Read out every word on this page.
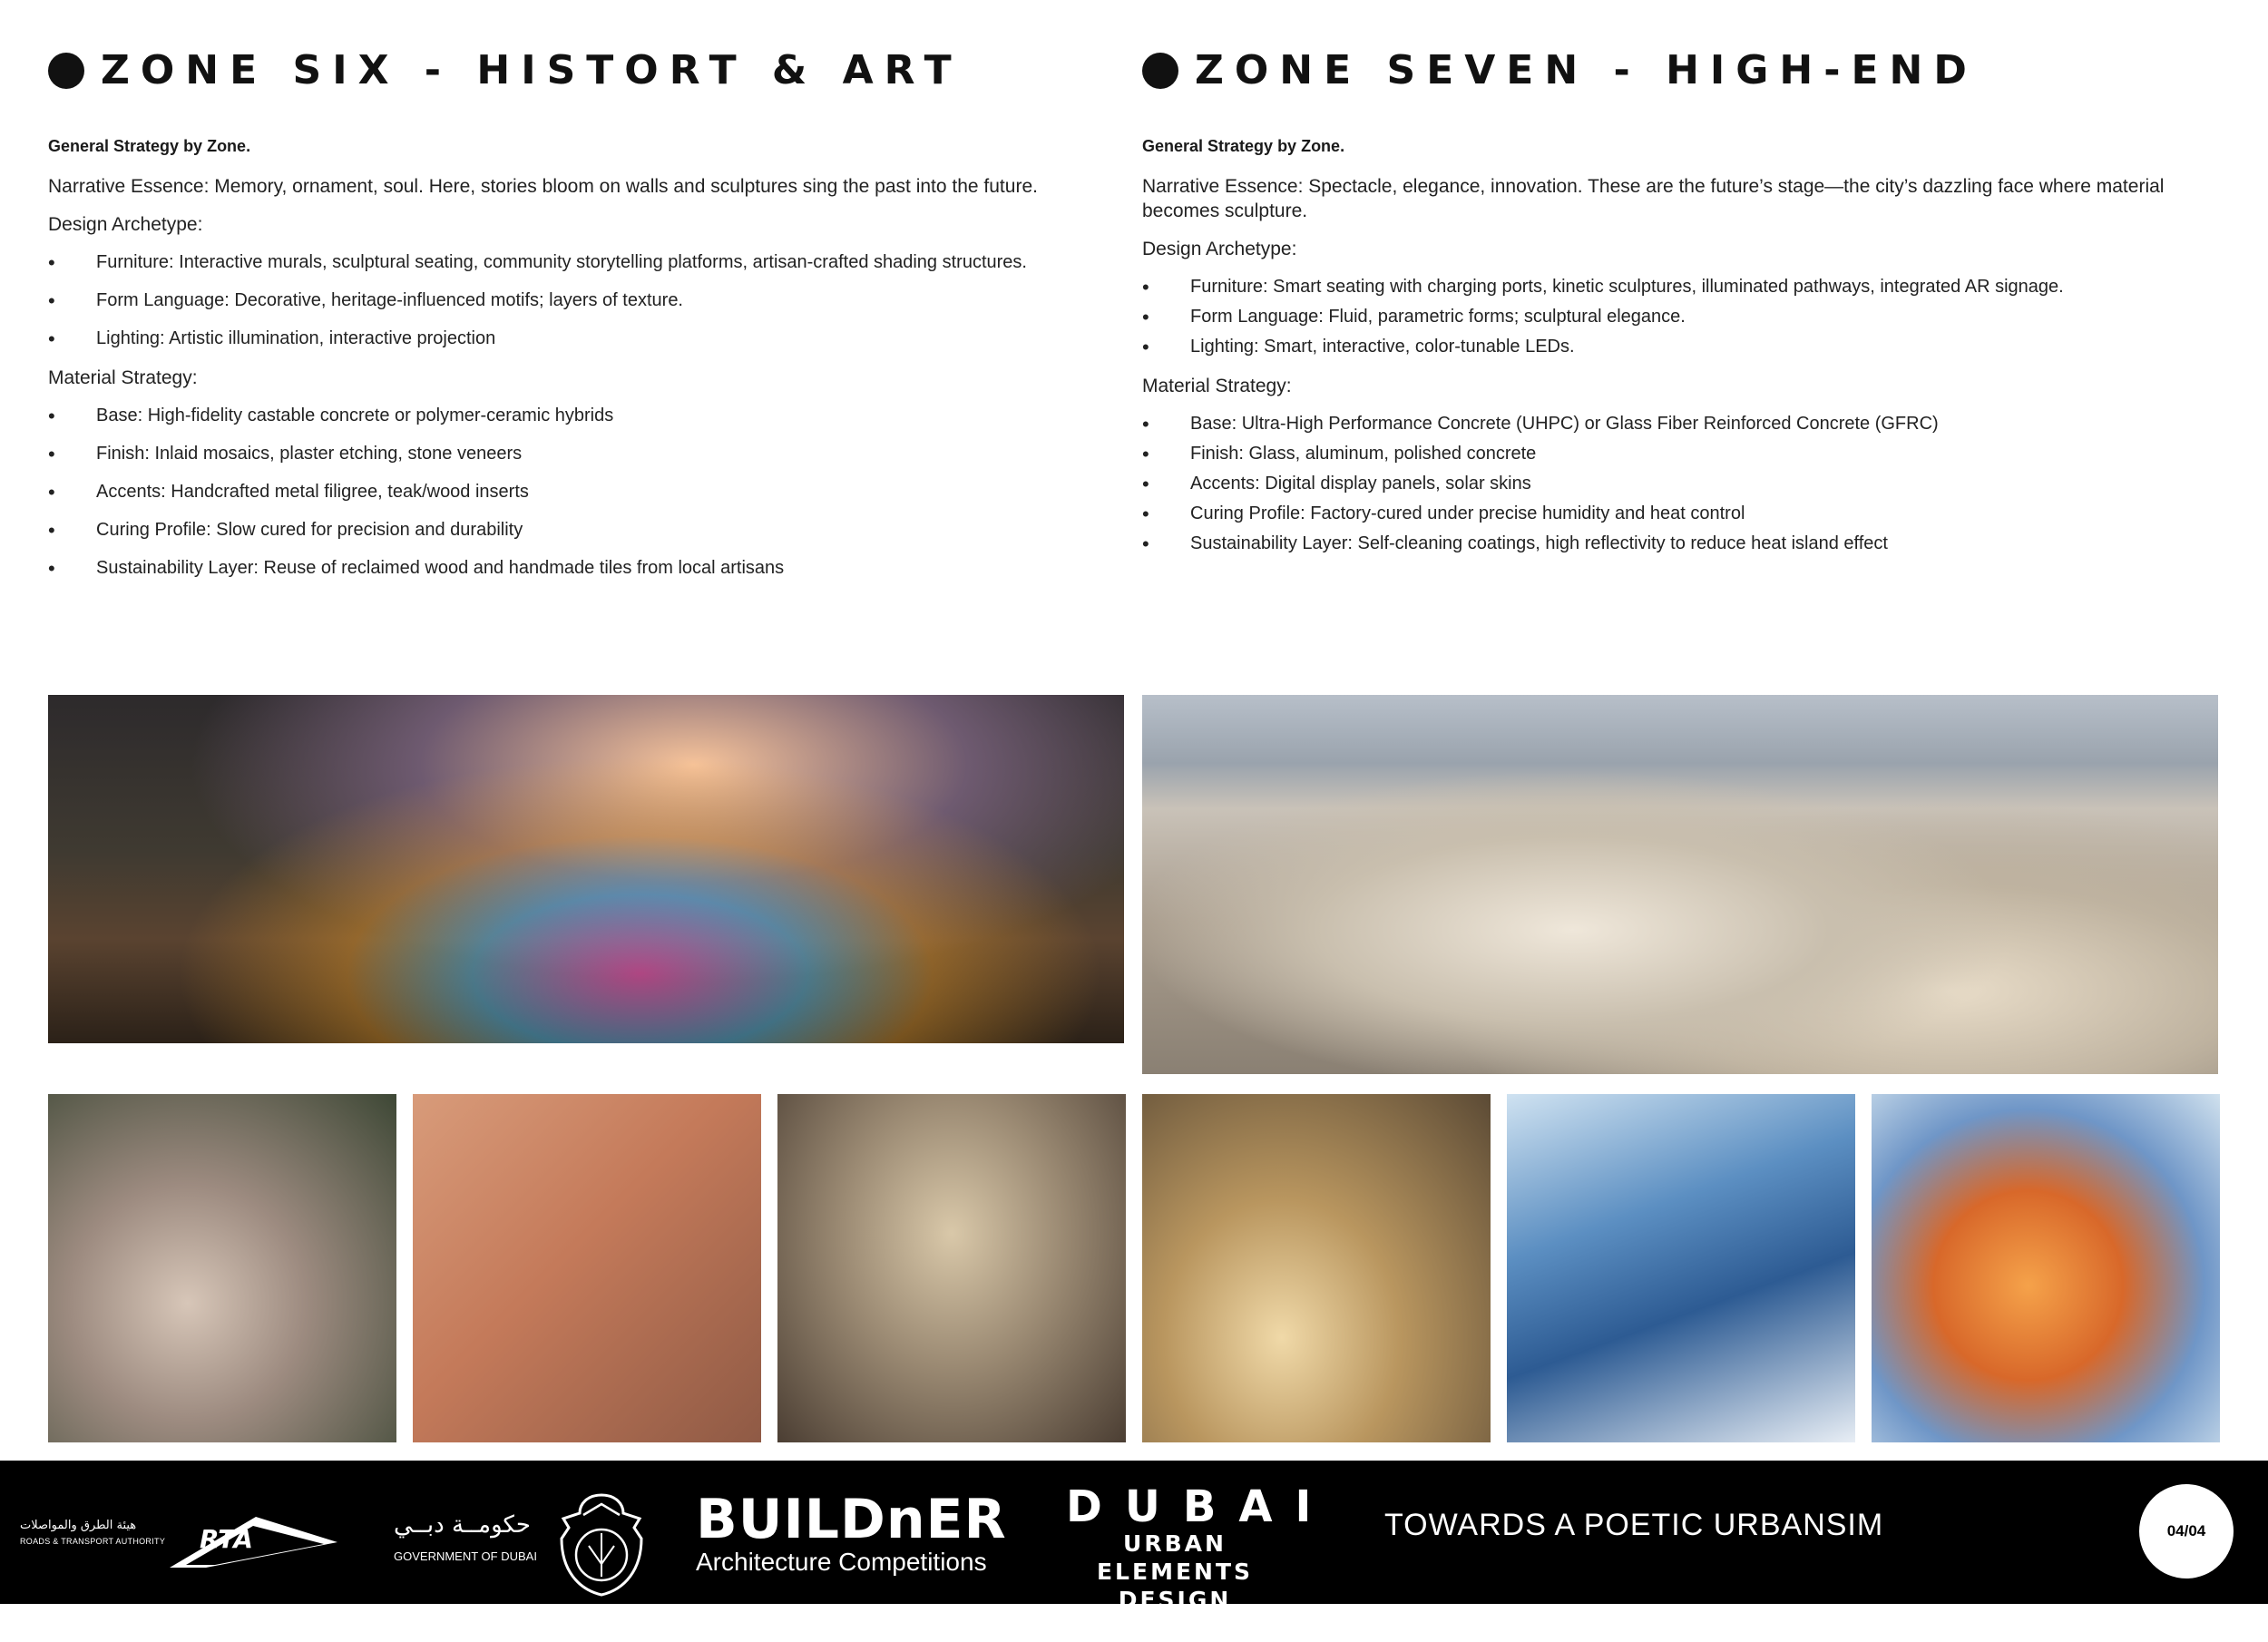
ZONE SIX - HISTORT & ART
General Strategy by Zone.
Narrative Essence: Memory, ornament, soul. Here, stories bloom on walls and sculptures sing the past into the future.
Design Archetype:
• Furniture: Interactive murals, sculptural seating, community storytelling platforms, artisan-crafted shading structures.
• Form Language: Decorative, heritage-influenced motifs; layers of texture.
• Lighting: Artistic illumination, interactive projection
Material Strategy:
• Base: High-fidelity castable concrete or polymer-ceramic hybrids
• Finish: Inlaid mosaics, plaster etching, stone veneers
• Accents: Handcrafted metal filigree, teak/wood inserts
• Curing Profile: Slow cured for precision and durability
• Sustainability Layer: Reuse of reclaimed wood and handmade tiles from local artisans
ZONE SEVEN - HIGH-END
General Strategy by Zone.
Narrative Essence: Spectacle, elegance, innovation. These are the future’s stage—the city’s dazzling face where material becomes sculpture.
Design Archetype:
• Furniture: Smart seating with charging ports, kinetic sculptures, illuminated pathways, integrated AR signage.
• Form Language: Fluid, parametric forms; sculptural elegance.
• Lighting: Smart, interactive, color-tunable LEDs.
Material Strategy:
• Base: Ultra-High Performance Concrete (UHPC) or Glass Fiber Reinforced Concrete (GFRC)
• Finish: Glass, aluminum, polished concrete
• Accents: Digital display panels, solar skins
• Curing Profile: Factory-cured under precise humidity and heat control
• Sustainability Layer: Self-cleaning coatings, high reflectivity to reduce heat island effect
هيئة الطرق والمواصلات
ROADS & TRANSPORT AUTHORITY RTA	حكومــة دبــي
GOVERNMENT OF DUBAI
BUILDnER
Architecture Competitions
DUBAI
URBAN ELEMENTS
DESIGN CHALLENGE
TOWARDS A POETIC URBANSIM	04/04
